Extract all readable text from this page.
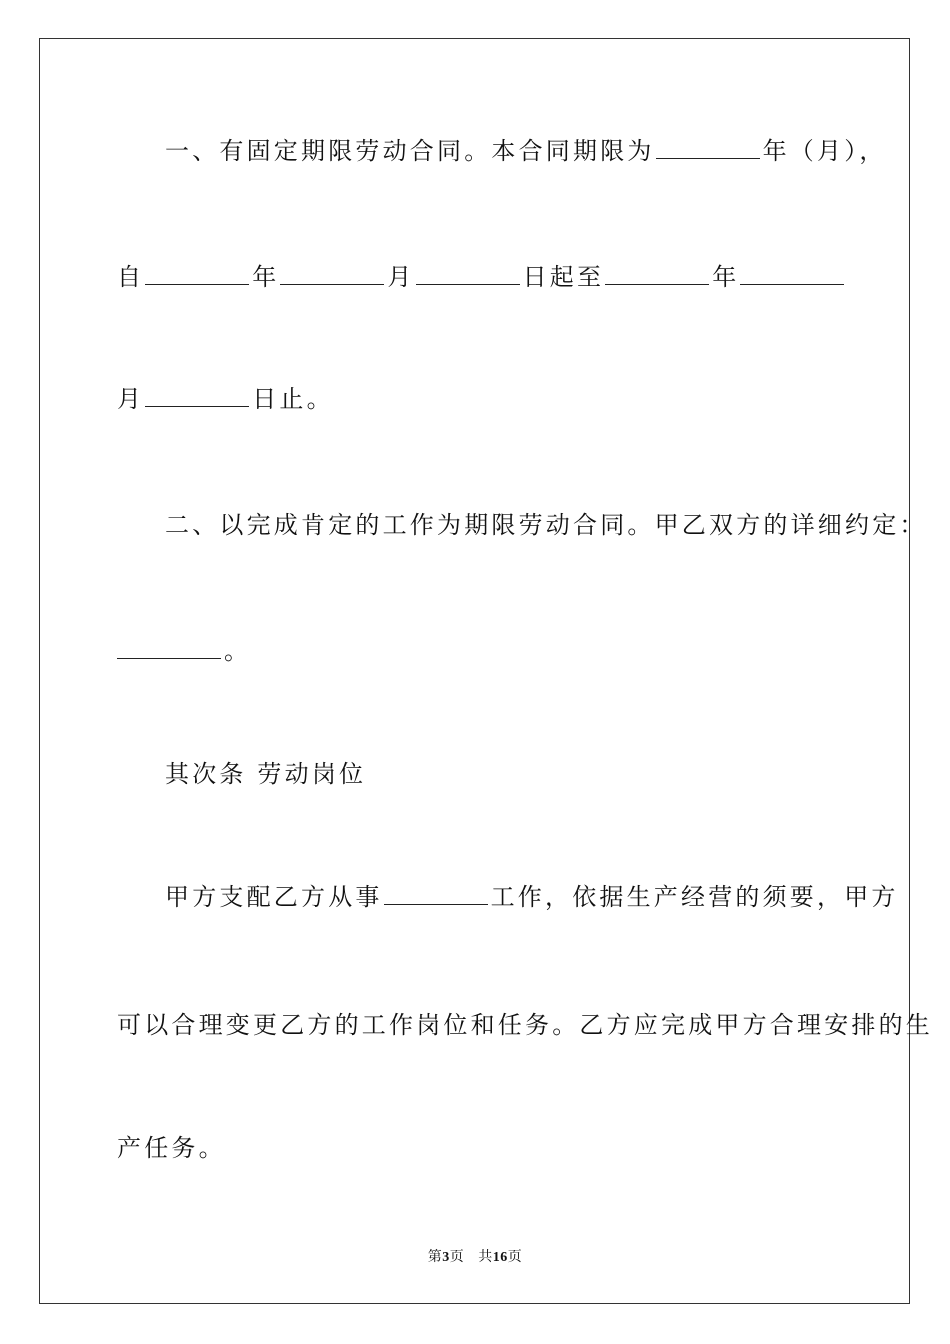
一、有固定期限劳动合同。本合同期限为	年（月），
自	年	月	日起至	年
月	日止。
二、以完成肯定的工作为期限劳动合同。甲乙双方的详细约定：
。
其次条 劳动岗位
甲方支配乙方从事	工作，依据生产经营的须要，甲方
可以合理变更乙方的工作岗位和任务。乙方应完成甲方合理安排的生
产任务。
第3页 共16页
